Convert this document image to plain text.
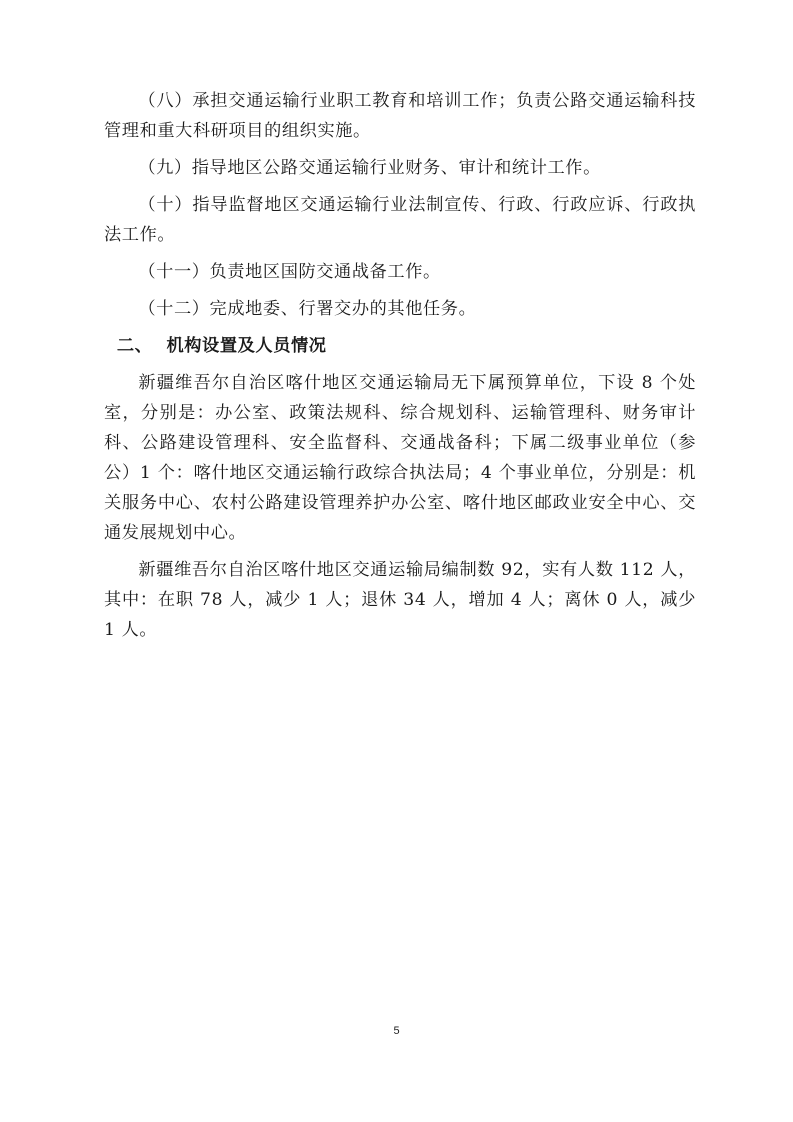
（八）承担交通运输行业职工教育和培训工作；负责公路交通运输科技管理和重大科研项目的组织实施。

（九）指导地区公路交通运输行业财务、审计和统计工作。

（十）指导监督地区交通运输行业法制宣传、行政、行政应诉、行政执法工作。

（十一）负责地区国防交通战备工作。

（十二）完成地委、行署交办的其他任务。

二、 机构设置及人员情况

新疆维吾尔自治区喀什地区交通运输局无下属预算单位，下设 8 个处室，分别是：办公室、政策法规科、综合规划科、运输管理科、财务审计科、公路建设管理科、安全监督科、交通战备科；下属二级事业单位（参公）1 个：喀什地区交通运输行政综合执法局；4 个事业单位，分别是：机关服务中心、农村公路建设管理养护办公室、喀什地区邮政业安全中心、交通发展规划中心。

新疆维吾尔自治区喀什地区交通运输局编制数 92，实有人数 112 人，其中：在职 78 人，减少 1 人；退休 34 人，增加 4 人；离休 0 人，减少 1 人。

5
